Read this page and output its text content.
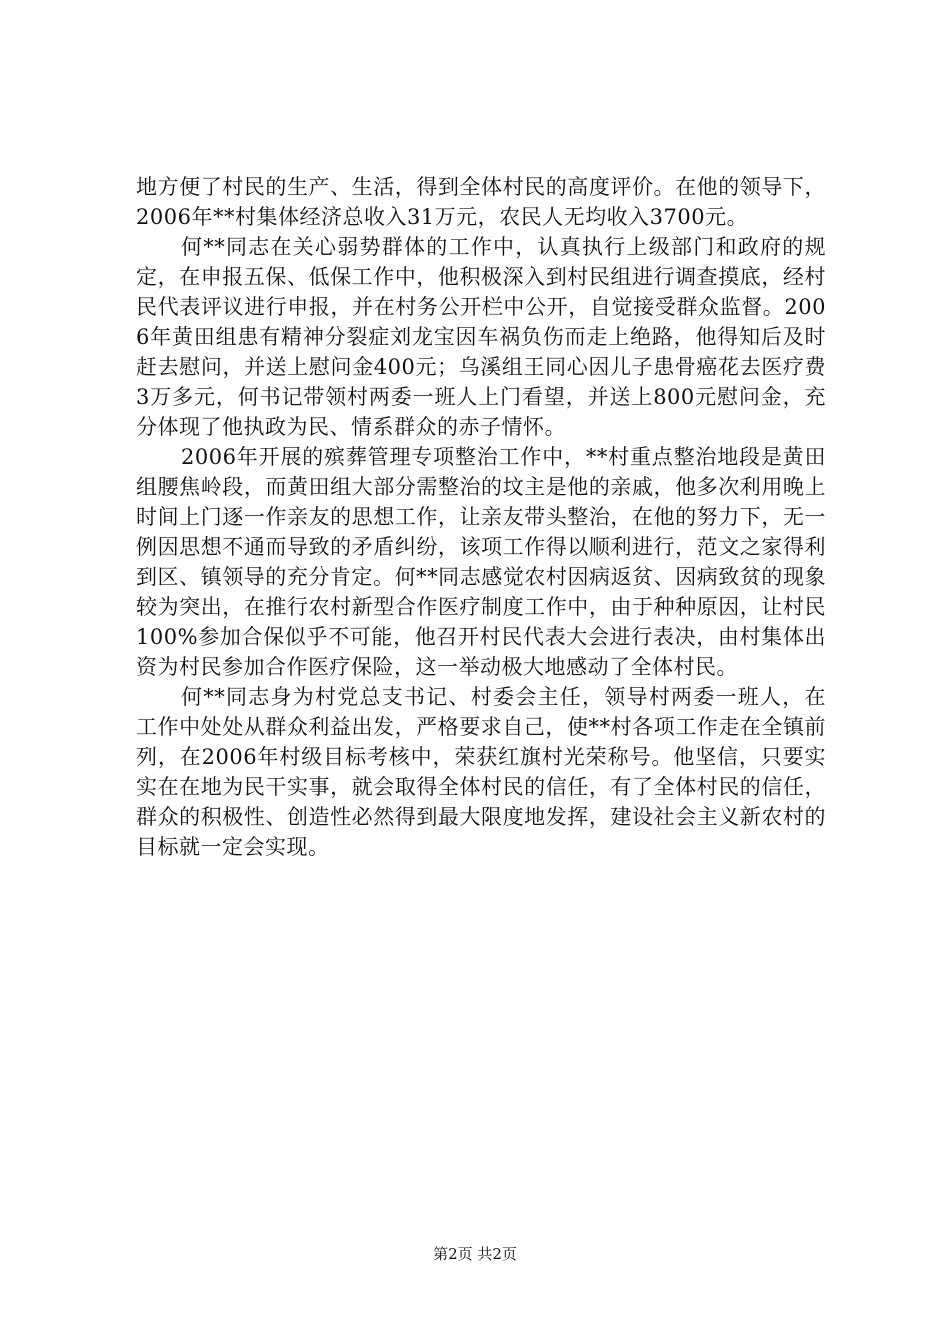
地方便了村民的生产、生活，得到全体村民的高度评价。在他的领导下，2006年**村集体经济总收入31万元，农民人无均收入3700元。

何**同志在关心弱势群体的工作中，认真执行上级部门和政府的规定，在申报五保、低保工作中，他积极深入到村民组进行调查摸底，经村民代表评议进行申报，并在村务公开栏中公开，自觉接受群众监督。2006年黄田组患有精神分裂症刘龙宝因车祸负伤而走上绝路，他得知后及时赶去慰问，并送上慰问金400元；乌溪组王同心因儿子患骨癌花去医疗费3万多元，何书记带领村两委一班人上门看望，并送上800元慰问金，充分体现了他执政为民、情系群众的赤子情怀。

2006年开展的殡葬管理专项整治工作中，**村重点整治地段是黄田组腰焦岭段，而黄田组大部分需整治的坟主是他的亲戚，他多次利用晚上时间上门逐一作亲友的思想工作，让亲友带头整治，在他的努力下，无一例因思想不通而导致的矛盾纠纷，该项工作得以顺利进行，范文之家得利到区、镇领导的充分肯定。何**同志感觉农村因病返贫、因病致贫的现象较为突出，在推行农村新型合作医疗制度工作中，由于种种原因，让村民100%参加合保似乎不可能，他召开村民代表大会进行表决，由村集体出资为村民参加合作医疗保险，这一举动极大地感动了全体村民。

何**同志身为村党总支书记、村委会主任，领导村两委一班人，在工作中处处从群众利益出发，严格要求自己，使**村各项工作走在全镇前列，在2006年村级目标考核中，荣获红旗村光荣称号。他坚信，只要实实在在地为民干实事，就会取得全体村民的信任，有了全体村民的信任，群众的积极性、创造性必然得到最大限度地发挥，建设社会主义新农村的目标就一定会实现。

第2页 共2页
